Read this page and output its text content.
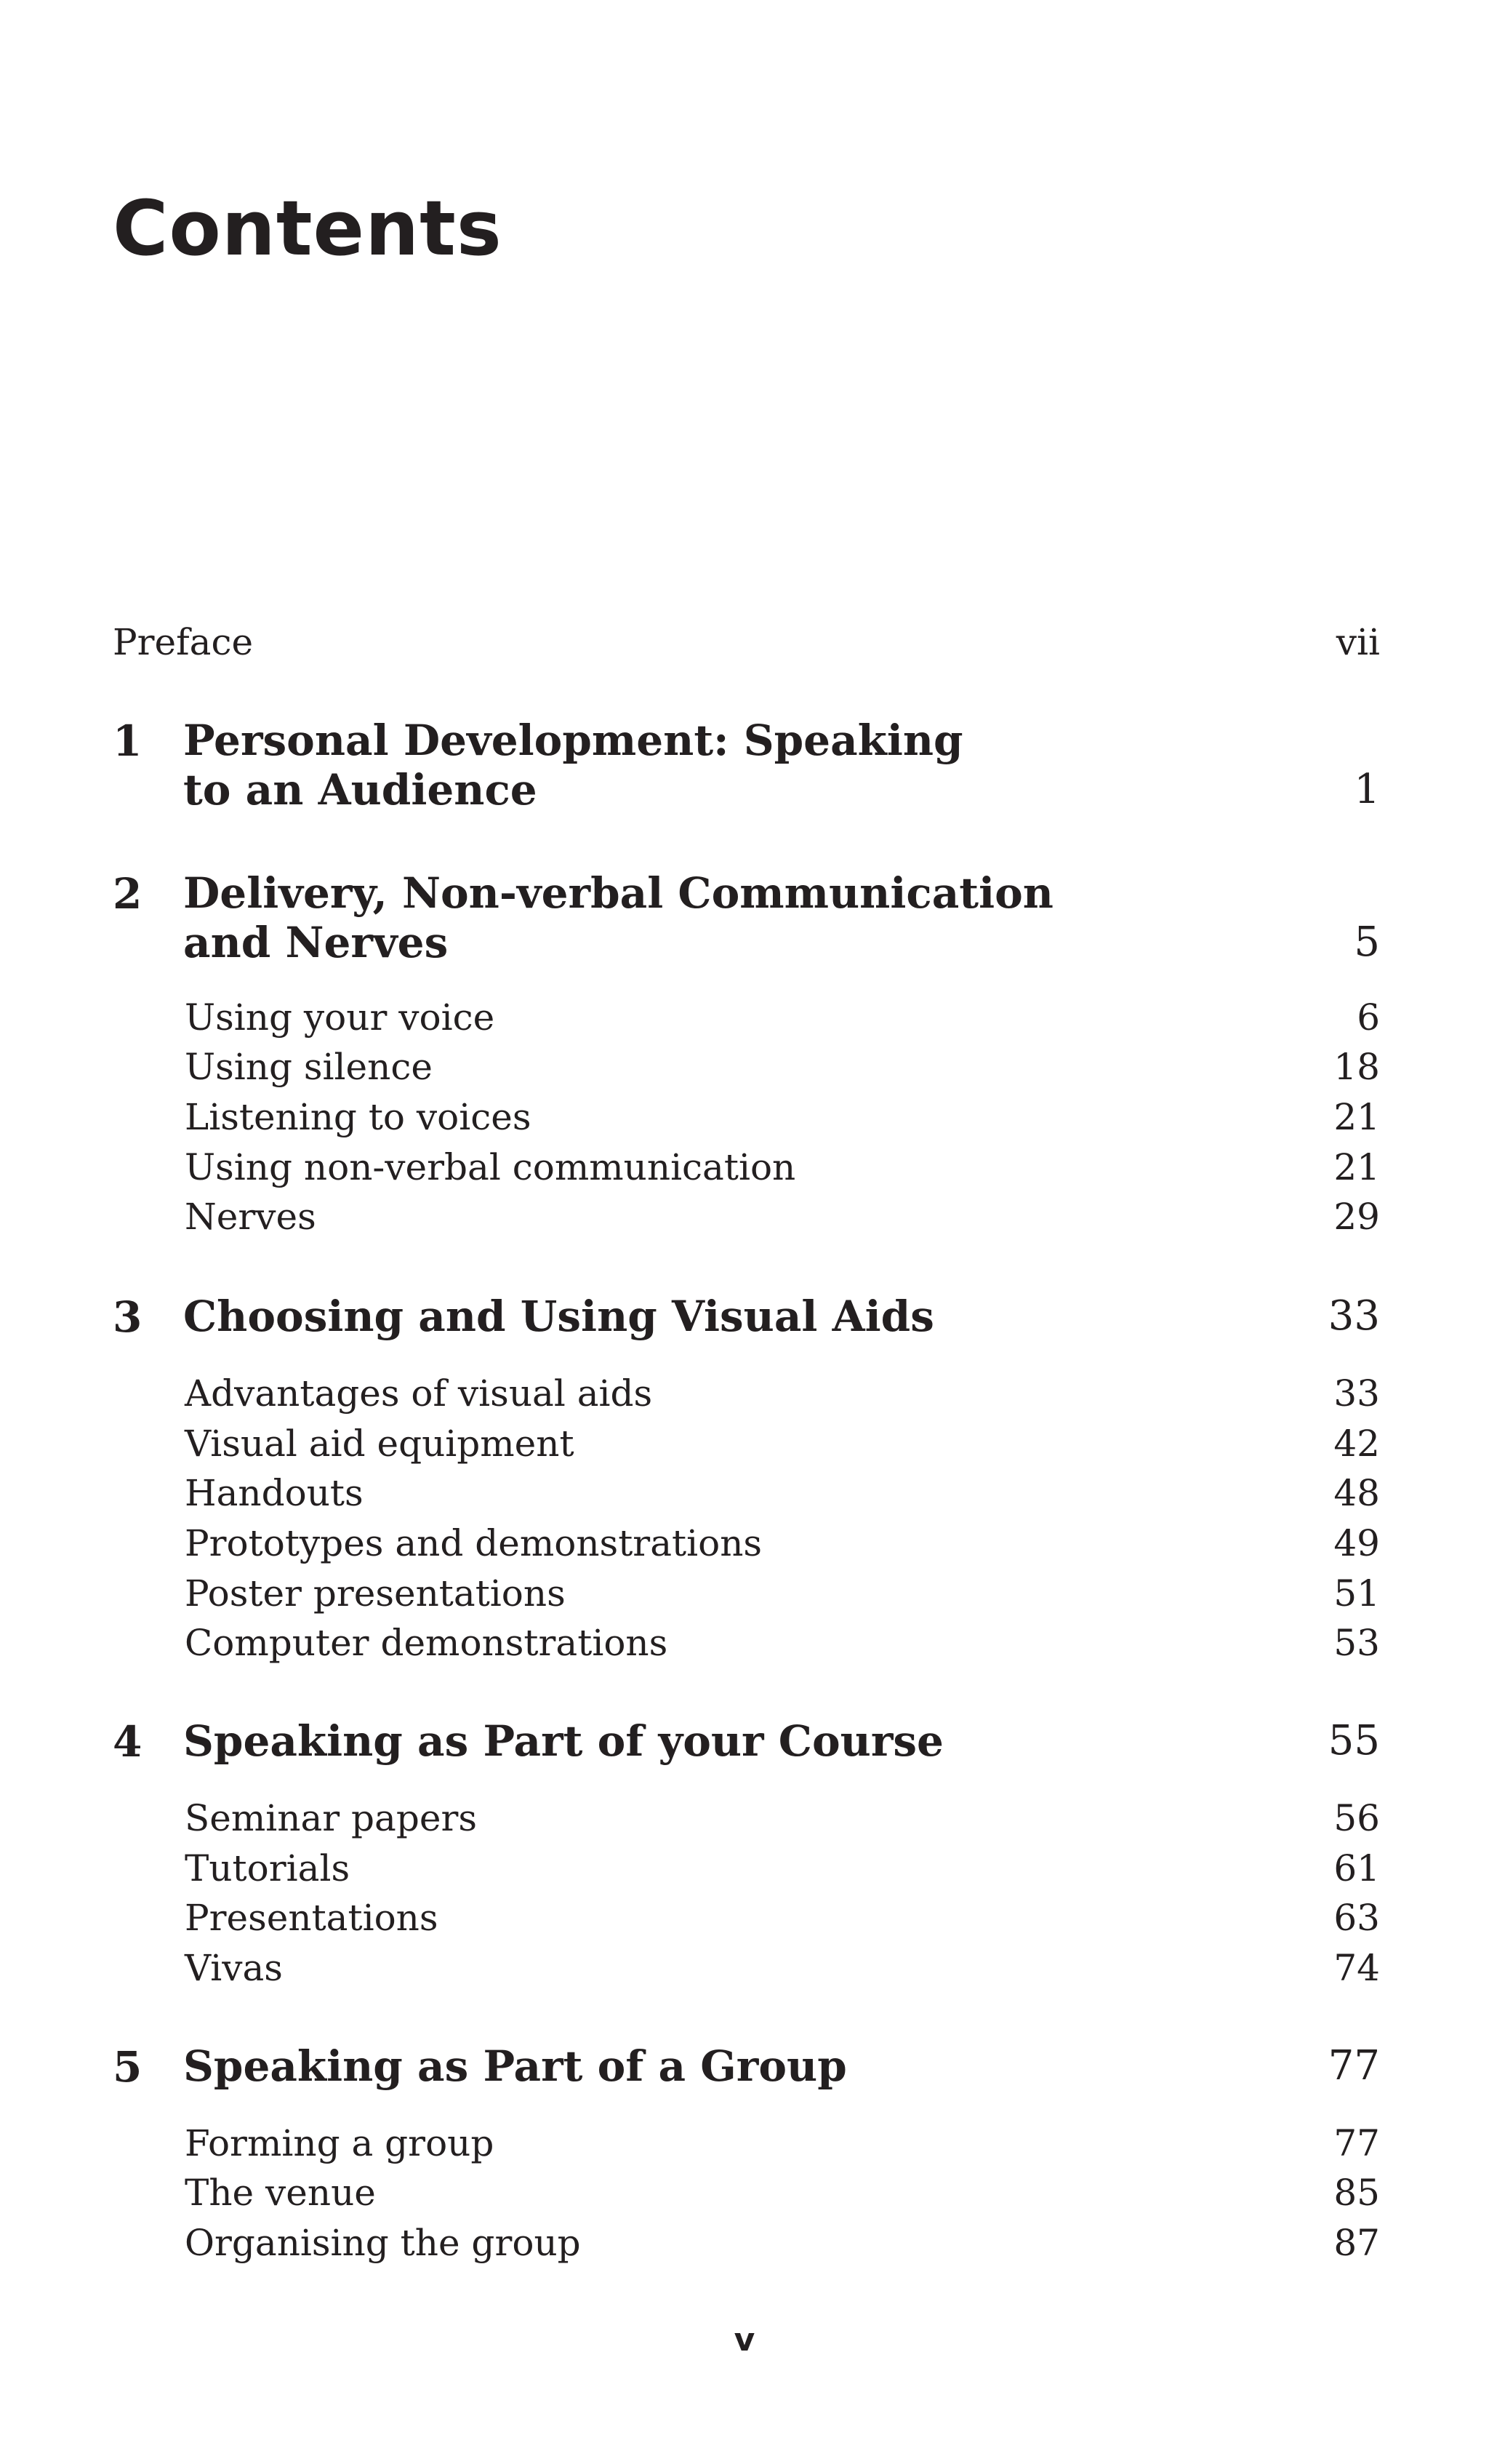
Contents
Preface	vii
1 Personal Development: Speaking
to an Audience	1
2 Delivery, Non-verbal Communication
and Nerves	5
Using your voice	6
Using silence	18
Listening to voices	21
Using non-verbal communication	21
Nerves	29
3 Choosing and Using Visual Aids	33
Advantages of visual aids	33
Visual aid equipment	42
Handouts	48
Prototypes and demonstrations	49
Poster presentations	51
Computer demonstrations	53
4 Speaking as Part of your Course	55
Seminar papers	56
Tutorials	61
Presentations	63
Vivas	74
5 Speaking as Part of a Group	77
Forming a group	77
The venue	85
Organising the group	87
v
